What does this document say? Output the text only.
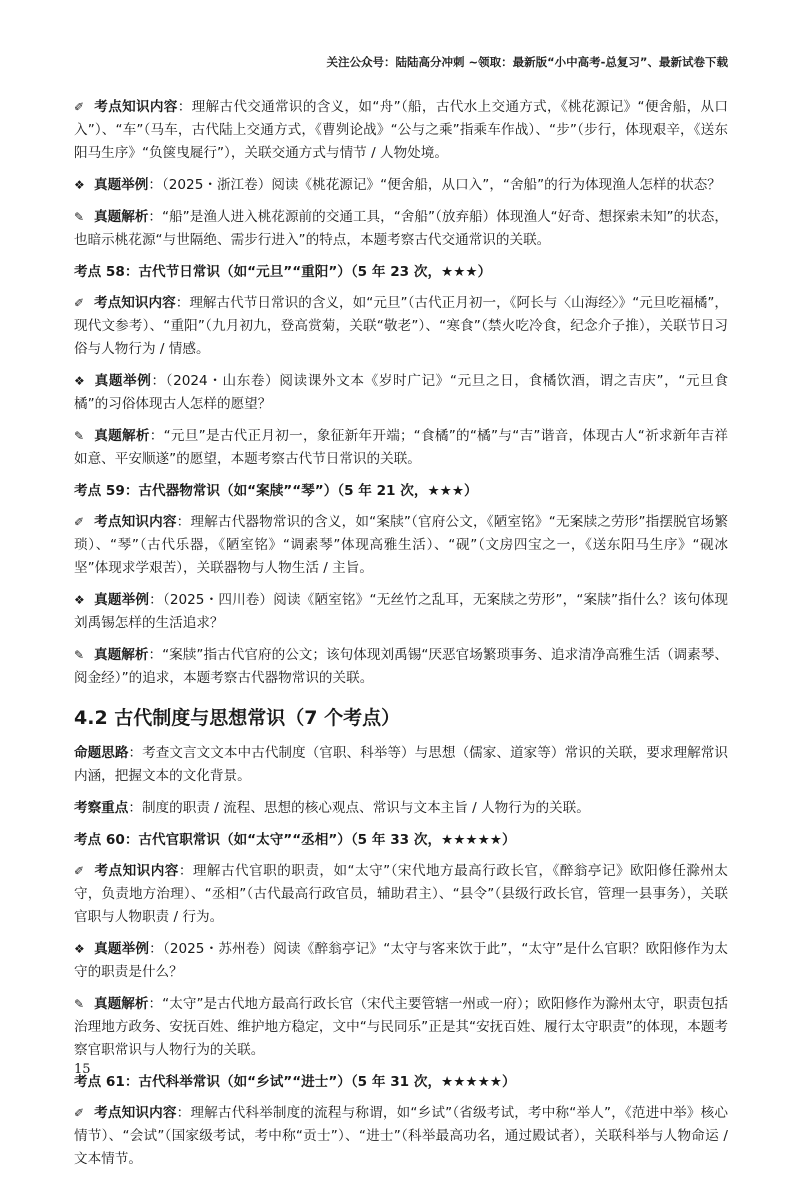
关注公众号：陆陆高分冲刺 ~领取：最新版“小中高考-总复习”、最新试卷下载

✐ 考点知识内容：理解古代交通常识的含义，如“舟”（船，古代水上交通方式，《桃花源记》“便舍船，从口入”）、“车”（马车，古代陆上交通方式，《曹刿论战》“公与之乘”指乘车作战）、“步”（步行，体现艰辛，《送东阳马生序》“负箧曳屣行”），关联交通方式与情节 / 人物处境。

❖ 真题举例：（2025・浙江卷）阅读《桃花源记》“便舍船，从口入”，“舍船”的行为体现渔人怎样的状态？

✎ 真题解析：“船”是渔人进入桃花源前的交通工具，“舍船”（放弃船）体现渔人“好奇、想探索未知”的状态，也暗示桃花源“与世隔绝、需步行进入”的特点，本题考察古代交通常识的关联。

考点 58：古代节日常识（如“元旦”“重阳”）（5 年 23 次，★★★）

✐ 考点知识内容：理解古代节日常识的含义，如“元旦”（古代正月初一，《阿长与〈山海经〉》“元旦吃福橘”，现代文参考）、“重阳”（九月初九，登高赏菊，关联“敬老”）、“寒食”（禁火吃冷食，纪念介子推），关联节日习俗与人物行为 / 情感。

❖ 真题举例：（2024・山东卷）阅读课外文本《岁时广记》“元旦之日，食橘饮酒，谓之吉庆”，“元旦食橘”的习俗体现古人怎样的愿望？

✎ 真题解析：“元旦”是古代正月初一，象征新年开端；“食橘”的“橘”与“吉”谐音，体现古人“祈求新年吉祥如意、平安顺遂”的愿望，本题考察古代节日常识的关联。

考点 59：古代器物常识（如“案牍”“琴”）（5 年 21 次，★★★）

✐ 考点知识内容：理解古代器物常识的含义，如“案牍”（官府公文，《陋室铭》“无案牍之劳形”指摆脱官场繁琐）、“琴”（古代乐器，《陋室铭》“调素琴”体现高雅生活）、“砚”（文房四宝之一，《送东阳马生序》“砚冰坚”体现求学艰苦），关联器物与人物生活 / 主旨。

❖ 真题举例：（2025・四川卷）阅读《陋室铭》“无丝竹之乱耳，无案牍之劳形”，“案牍”指什么？该句体现刘禹锡怎样的生活追求？

✎ 真题解析：“案牍”指古代官府的公文；该句体现刘禹锡“厌恶官场繁琐事务、追求清净高雅生活（调素琴、阅金经）”的追求，本题考察古代器物常识的关联。

4.2 古代制度与思想常识（7 个考点）

命题思路：考查文言文文本中古代制度（官职、科举等）与思想（儒家、道家等）常识的关联，要求理解常识内涵，把握文本的文化背景。

考察重点：制度的职责 / 流程、思想的核心观点、常识与文本主旨 / 人物行为的关联。

考点 60：古代官职常识（如“太守”“丞相”）（5 年 33 次，★★★★★）

✐ 考点知识内容：理解古代官职的职责，如“太守”（宋代地方最高行政长官，《醉翁亭记》欧阳修任滁州太守，负责地方治理）、“丞相”（古代最高行政官员，辅助君主）、“县令”（县级行政长官，管理一县事务），关联官职与人物职责 / 行为。

❖ 真题举例：（2025・苏州卷）阅读《醉翁亭记》“太守与客来饮于此”，“太守”是什么官职？欧阳修作为太守的职责是什么？

✎ 真题解析：“太守”是古代地方最高行政长官（宋代主要管辖一州或一府）；欧阳修作为滁州太守，职责包括治理地方政务、安抚百姓、维护地方稳定，文中“与民同乐”正是其“安抚百姓、履行太守职责”的体现，本题考察官职常识与人物行为的关联。

考点 61：古代科举常识（如“乡试”“进士”）（5 年 31 次，★★★★★）

✐ 考点知识内容：理解古代科举制度的流程与称谓，如“乡试”（省级考试，考中称“举人”，《范进中举》核心情节）、“会试”（国家级考试，考中称“贡士”）、“进士”（科举最高功名，通过殿试者），关联科举与人物命运 / 文本情节。

15
